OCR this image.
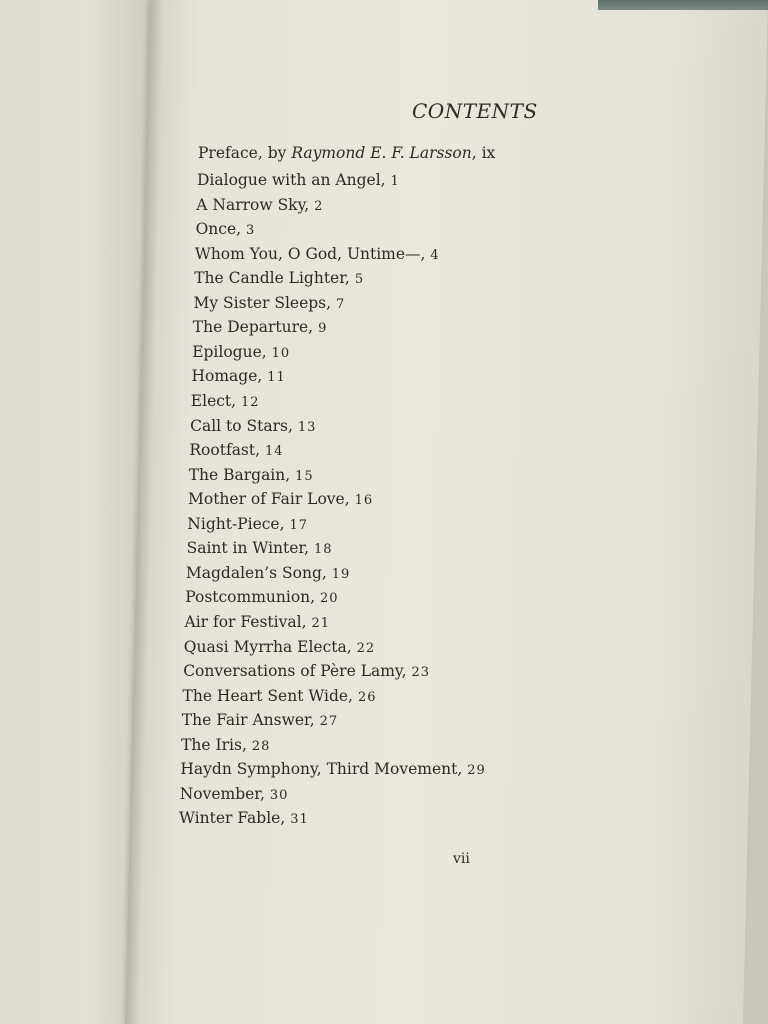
CONTENTS
Preface, by Raymond E. F. Larsson, ix
Dialogue with an Angel, 1
A Narrow Sky, 2
Once, 3
Whom You, O God, Untime—, 4
The Candle Lighter, 5
My Sister Sleeps, 7
The Departure, 9
Epilogue, 10
Homage, 11
Elect, 12
Call to Stars, 13
Rootfast, 14
The Bargain, 15
Mother of Fair Love, 16
Night-Piece, 17
Saint in Winter, 18
Magdalen’s Song, 19
Postcommunion, 20
Air for Festival, 21
Quasi Myrrha Electa, 22
Conversations of Père Lamy, 23
The Heart Sent Wide, 26
The Fair Answer, 27
The Iris, 28
Haydn Symphony, Third Movement, 29
November, 30
Winter Fable, 31
vii
